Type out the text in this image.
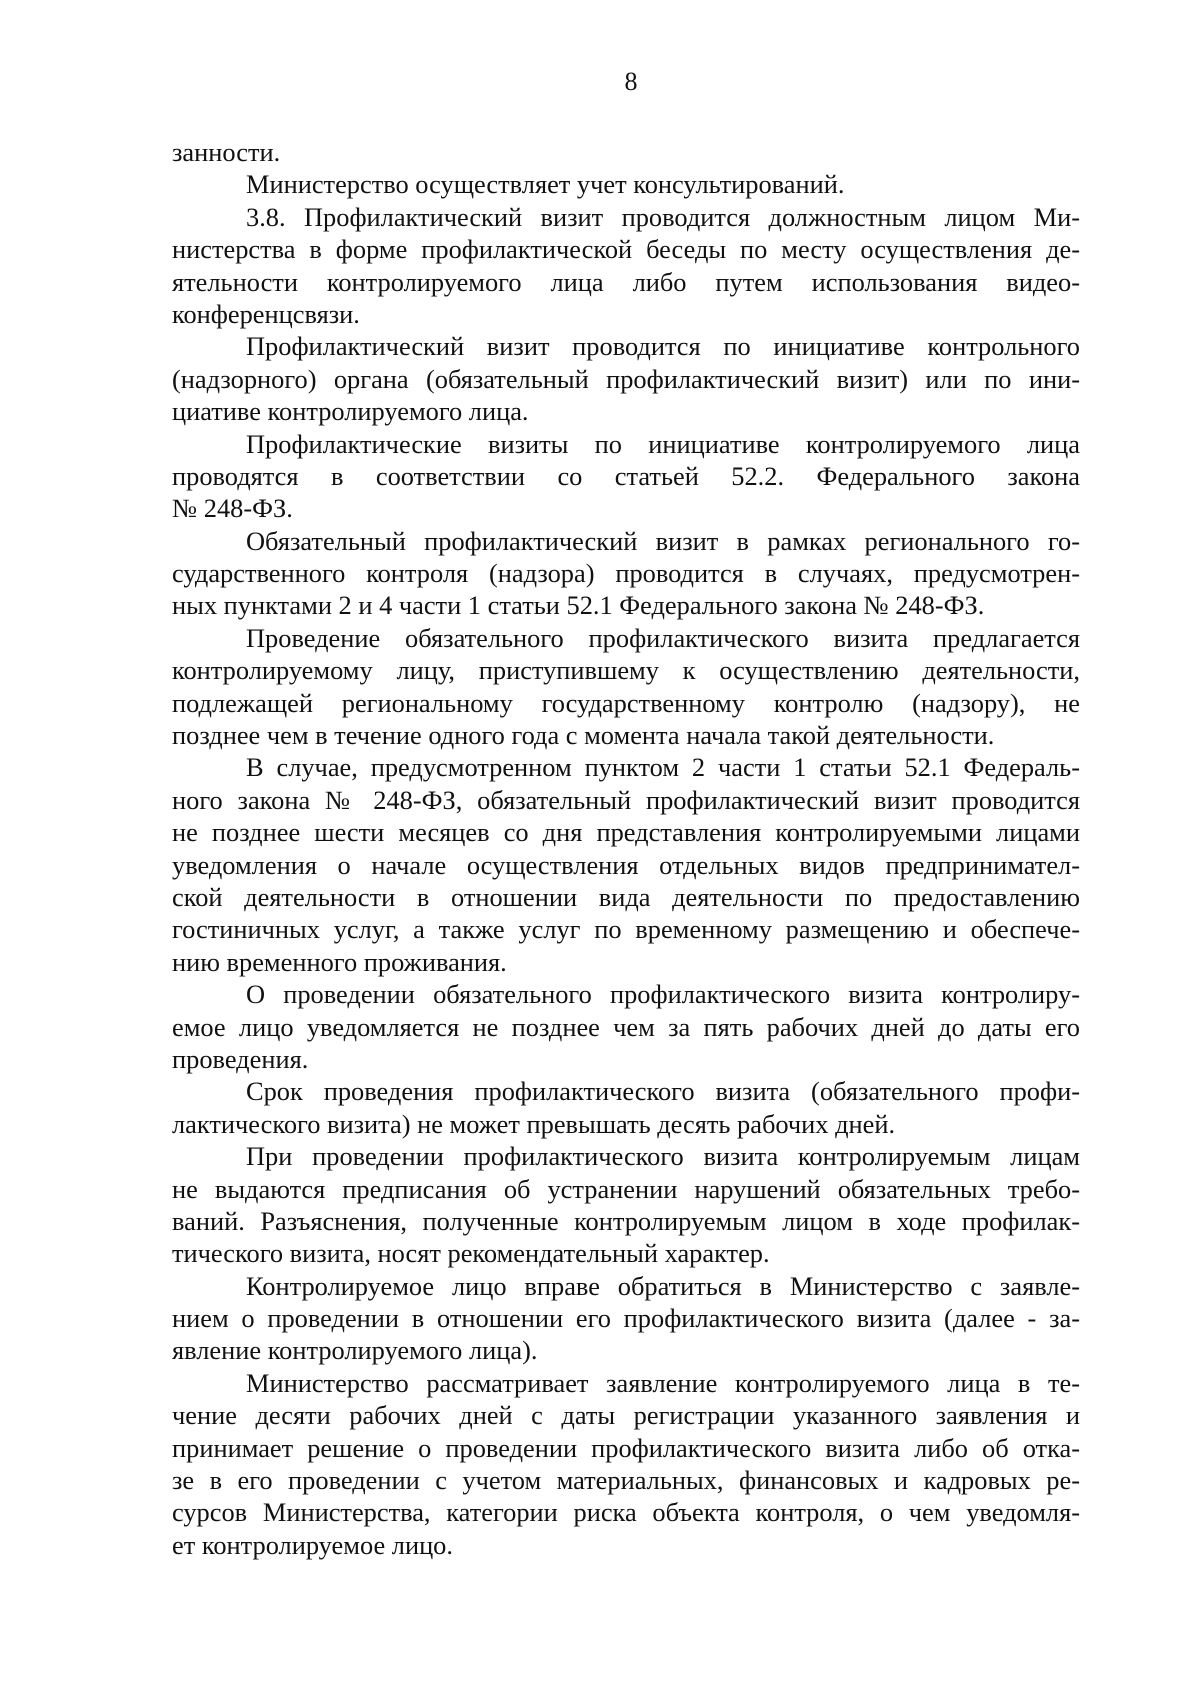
8
занности.
Министерство осуществляет учет консультирований.
3.8. Профилактический визит проводится должностным лицом Ми-
нистерства в форме профилактической беседы по месту осуществления де-
ятельности контролируемого лица либо путем использования видео-
конференцсвязи.
Профилактический визит проводится по инициативе контрольного
(надзорного) органа (обязательный профилактический визит) или по ини-
циативе контролируемого лица.
Профилактические визиты по инициативе контролируемого лица
проводятся в соответствии со статьей 52.2. Федерального закона
№ 248-ФЗ.
Обязательный профилактический визит в рамках регионального го-
сударственного контроля (надзора) проводится в случаях, предусмотрен-
ных пунктами 2 и 4 части 1 статьи 52.1 Федерального закона № 248-ФЗ.
Проведение обязательного профилактического визита предлагается
контролируемому лицу, приступившему к осуществлению деятельности,
подлежащей региональному государственному контролю (надзору), не
позднее чем в течение одного года с момента начала такой деятельности.
В случае, предусмотренном пунктом 2 части 1 статьи 52.1 Федераль-
ного закона № 248-ФЗ, обязательный профилактический визит проводится
не позднее шести месяцев со дня представления контролируемыми лицами
уведомления о начале осуществления отдельных видов предпринимател-
ской деятельности в отношении вида деятельности по предоставлению
гостиничных услуг, а также услуг по временному размещению и обеспече-
нию временного проживания.
О проведении обязательного профилактического визита контролиру-
емое лицо уведомляется не позднее чем за пять рабочих дней до даты его
проведения.
Срок проведения профилактического визита (обязательного профи-
лактического визита) не может превышать десять рабочих дней.
При проведении профилактического визита контролируемым лицам
не выдаются предписания об устранении нарушений обязательных требо-
ваний. Разъяснения, полученные контролируемым лицом в ходе профилак-
тического визита, носят рекомендательный характер.
Контролируемое лицо вправе обратиться в Министерство с заявле-
нием о проведении в отношении его профилактического визита (далее - за-
явление контролируемого лица).
Министерство рассматривает заявление контролируемого лица в те-
чение десяти рабочих дней с даты регистрации указанного заявления и
принимает решение о проведении профилактического визита либо об отка-
зе в его проведении с учетом материальных, финансовых и кадровых ре-
сурсов Министерства, категории риска объекта контроля, о чем уведомля-
ет контролируемое лицо.
